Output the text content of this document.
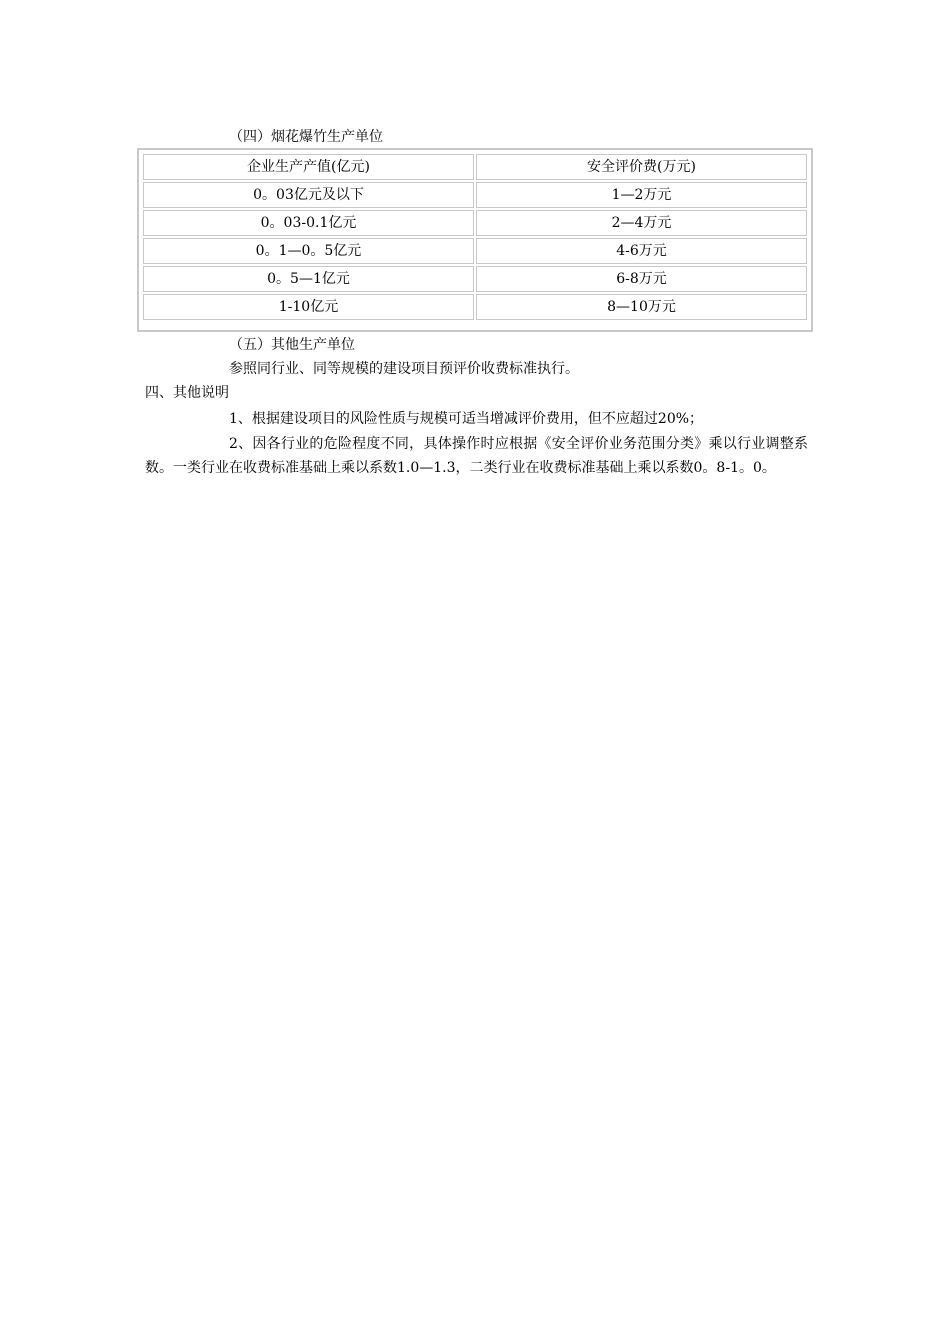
（四）烟花爆竹生产单位
企业生产产值(亿元)	安全评价费(万元)
0。03亿元及以下	1—2万元
0。03-0.1亿元	2—4万元
0。1—0。5亿元	4-6万元
0。5—1亿元	6-8万元
1-10亿元	8—10万元
（五）其他生产单位
参照同行业、同等规模的建设项目预评价收费标准执行。
四、其他说明
1、根据建设项目的风险性质与规模可适当增减评价费用，但不应超过20%；
2、因各行业的危险程度不同，具体操作时应根据《安全评价业务范围分类》乘以行业调整系数。一类行业在收费标准基础上乘以系数1.0—1.3，二类行业在收费标准基础上乘以系数0。8-1。0。
